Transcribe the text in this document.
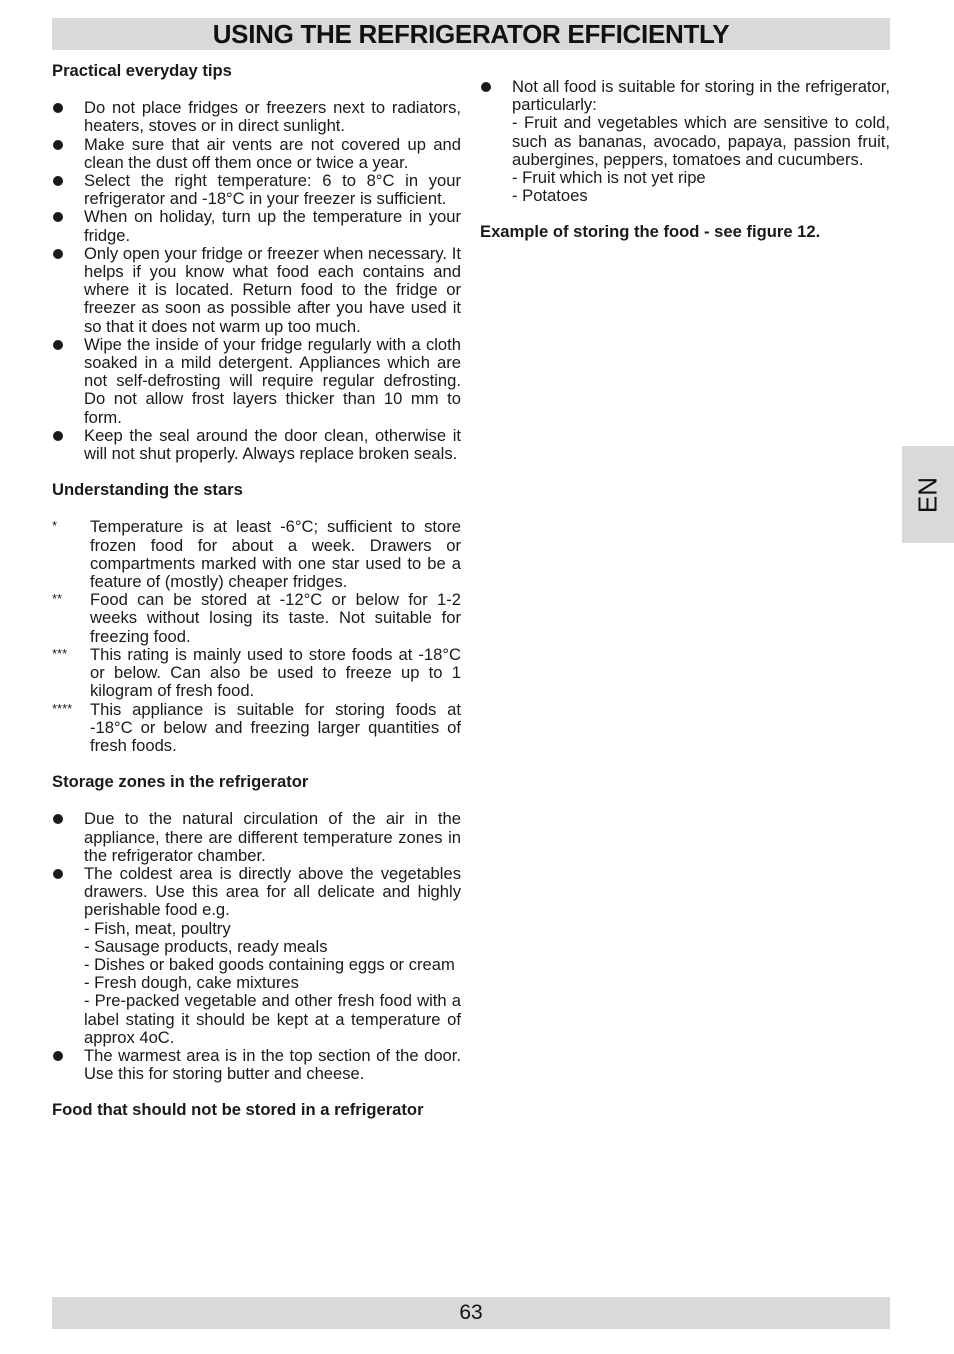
USING THE REFRIGERATOR EFFICIENTLY
Practical everyday tips
Do not place fridges or freezers next to radiators, heaters, stoves or in direct sunlight.
Make sure that air vents are not covered up and clean the dust off them once or twice a year.
Select the right temperature: 6 to 8°C in your refrigerator and -18°C in your freezer is sufficient.
When on holiday, turn up the temperature in your fridge.
Only open your fridge or freezer when necessary. It helps if you know what food each contains and where it is located. Return food to the fridge or freezer as soon as possible after you have used it so that it does not warm up too much.
Wipe the inside of your fridge regularly with a cloth soaked in a mild detergent. Appliances which are not self-defrosting will require regular defrosting. Do not allow frost layers thicker than 10 mm to form.
Keep the seal around the door clean, otherwise it will not shut properly. Always replace broken seals.
Understanding the stars
* Temperature is at least -6°C; sufficient to store frozen food for about a week. Drawers or compartments marked with one star used to be a feature of (mostly) cheaper fridges.
** Food can be stored at -12°C or below for 1-2 weeks without losing its taste. Not suitable for freezing food.
*** This rating is mainly used to store foods at -18°C or below. Can also be used to freeze up to 1 kilogram of fresh food.
**** This appliance is suitable for storing foods at -18°C or below and freezing larger quantities of fresh foods.
Storage zones in the refrigerator
Due to the natural circulation of the air in the appliance, there are different temperature zones in the refrigerator chamber.
The coldest area is directly above the vegetables drawers. Use this area for all delicate and highly perishable food e.g.
- Fish, meat, poultry
- Sausage products, ready meals
- Dishes or baked goods containing eggs or cream
- Fresh dough, cake mixtures
- Pre-packed vegetable and other fresh food with a label stating it should be kept at a temperature of approx 4oC.
The warmest area is in the top section of the door. Use this for storing butter and cheese.
Food that should not be stored in a refrigerator
Not all food is suitable for storing in the refrigerator, particularly:
- Fruit and vegetables which are sensitive to cold, such as bananas, avocado, papaya, passion fruit, aubergines, peppers, tomatoes and cucumbers.
- Fruit which is not yet ripe
- Potatoes
Example of storing the food - see figure 12.
EN
63
